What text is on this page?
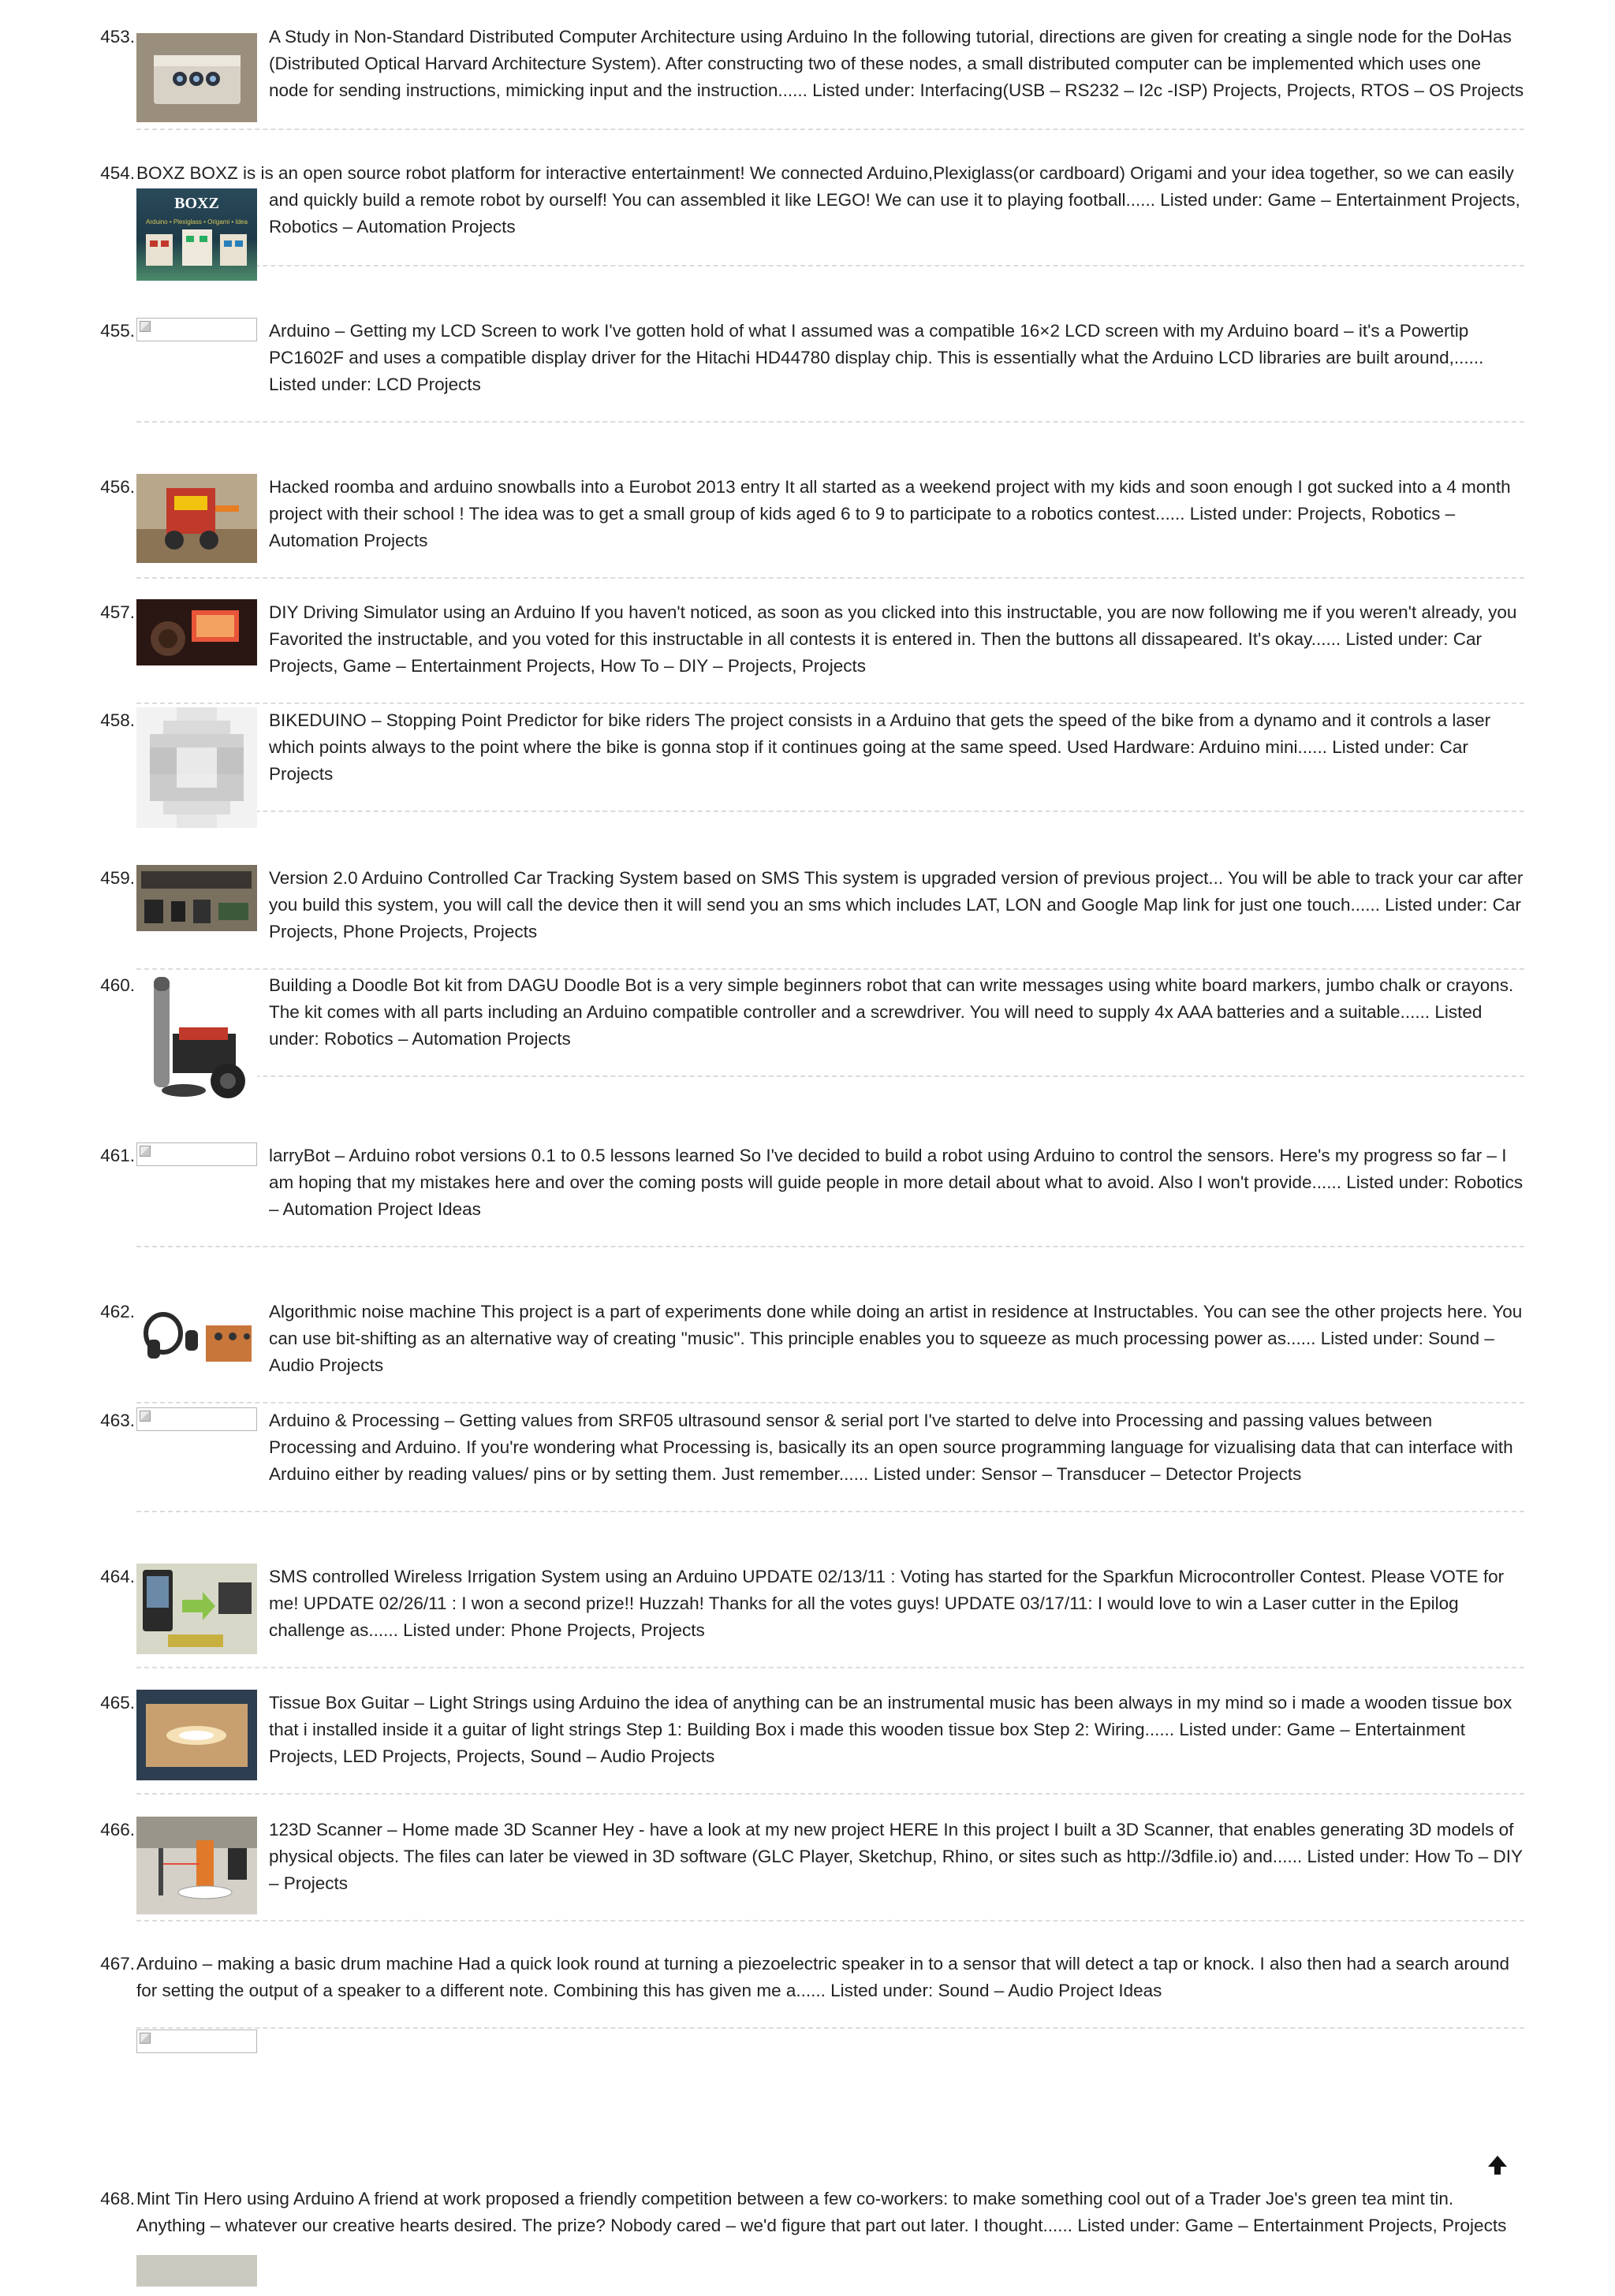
453.	A Study in Non-Standard Distributed Computer Architecture using Arduino In the following tutorial, directions are given for creating a single node for the DoHas (Distributed Optical Harvard Architecture System). After constructing two of these nodes, a small distributed computer can be implemented which uses one node for sending instructions, mimicking input and the instruction...... Listed under: Interfacing(USB – RS232 – I2c -ISP) Projects, Projects, RTOS – OS Projects
454.
BOXZ
Arduino • Plexiglass • Origami • Idea
BOXZ BOXZ is is an open source robot platform for interactive entertainment! We connected Arduino,Plexiglass(or cardboard) Origami and your idea together, so we can easily
and quickly build a remote robot by ourself! You can assembled it like LEGO! We can use it to playing football...... Listed under: Game – Entertainment Projects, Robotics – Automation Projects
455.	Arduino – Getting my LCD Screen to work I've gotten hold of what I assumed was a compatible 16×2 LCD screen with my Arduino board – it's a Powertip PC1602F and uses a compatible display driver for the Hitachi HD44780 display chip. This is essentially what the Arduino LCD libraries are built around,...... Listed under: LCD Projects
456.	Hacked roomba and arduino snowballs into a Eurobot 2013 entry It all started as a weekend project with my kids and soon enough I got sucked into a 4 month project with their school ! The idea was to get a small group of kids aged 6 to 9 to participate to a robotics contest...... Listed under: Projects, Robotics – Automation Projects
457.	DIY Driving Simulator using an Arduino If you haven't noticed, as soon as you clicked into this instructable, you are now following me if you weren't already, you Favorited the instructable, and you voted for this instructable in all contests it is entered in. Then the buttons all dissapeared. It's okay...... Listed under: Car Projects, Game – Entertainment Projects, How To – DIY – Projects, Projects
458.	BIKEDUINO – Stopping Point Predictor for bike riders The project consists in a Arduino that gets the speed of the bike from a dynamo and it controls a laser which points always to the point where the bike is gonna stop if it continues going at the same speed. Used Hardware: Arduino mini...... Listed under: Car Projects
459.	Version 2.0 Arduino Controlled Car Tracking System based on SMS This system is upgraded version of previous project... You will be able to track your car after you build this system, you will call the device then it will send you an sms which includes LAT, LON and Google Map link for just one touch...... Listed under: Car Projects, Phone Projects, Projects
460.	Building a Doodle Bot kit from DAGU Doodle Bot is a very simple beginners robot that can write messages using white board markers, jumbo chalk or crayons. The kit comes with all parts including an Arduino compatible controller and a screwdriver. You will need to supply 4x AAA batteries and a suitable...... Listed under: Robotics – Automation Projects
461.	larryBot – Arduino robot versions 0.1 to 0.5 lessons learned So I've decided to build a robot using Arduino to control the sensors. Here's my progress so far – I am hoping that my mistakes here and over the coming posts will guide people in more detail about what to avoid. Also I won't provide...... Listed under: Robotics – Automation Project Ideas
462.	Algorithmic noise machine This project is a part of experiments done while doing an artist in residence at Instructables. You can see the other projects here. You can use bit-shifting as an alternative way of creating "music". This principle enables you to squeeze as much processing power as...... Listed under: Sound – Audio Projects
463.	Arduino & Processing – Getting values from SRF05 ultrasound sensor & serial port I've started to delve into Processing and passing values between Processing and Arduino. If you're wondering what Processing is, basically its an open source programming language for vizualising data that can interface with Arduino either by reading values/ pins or by setting them. Just remember...... Listed under: Sensor – Transducer – Detector Projects
464.	SMS controlled Wireless Irrigation System using an Arduino UPDATE 02/13/11 : Voting has started for the Sparkfun Microcontroller Contest. Please VOTE for me! UPDATE 02/26/11 : I won a second prize!! Huzzah! Thanks for all the votes guys! UPDATE 03/17/11: I would love to win a Laser cutter in the Epilog challenge as...... Listed under: Phone Projects, Projects
465.	Tissue Box Guitar – Light Strings using Arduino the idea of anything can be an instrumental music has been always in my mind so i made a wooden tissue box that i installed inside it a guitar of light strings Step 1: Building Box i made this wooden tissue box Step 2: Wiring...... Listed under: Game – Entertainment Projects, LED Projects, Projects, Sound – Audio Projects
466.	123D Scanner – Home made 3D Scanner Hey - have a look at my new project HERE In this project I built a 3D Scanner, that enables generating 3D models of physical objects. The files can later be viewed in 3D software (GLC Player, Sketchup, Rhino, or sites such as http://3dfile.io) and...... Listed under: How To – DIY – Projects
467. Arduino – making a basic drum machine Had a quick look round at turning a piezoelectric speaker in to a sensor that will detect a tap or knock. I also then had a search around for setting the output of a speaker to a different note. Combining this has given me a...... Listed under: Sound – Audio Project Ideas
468. Mint Tin Hero using Arduino A friend at work proposed a friendly competition between a few co-workers: to make something cool out of a Trader Joe's green tea mint tin. Anything – whatever our creative hearts desired. The prize? Nobody cared – we'd figure that part out later. I thought...... Listed under: Game – Entertainment Projects, Projects
